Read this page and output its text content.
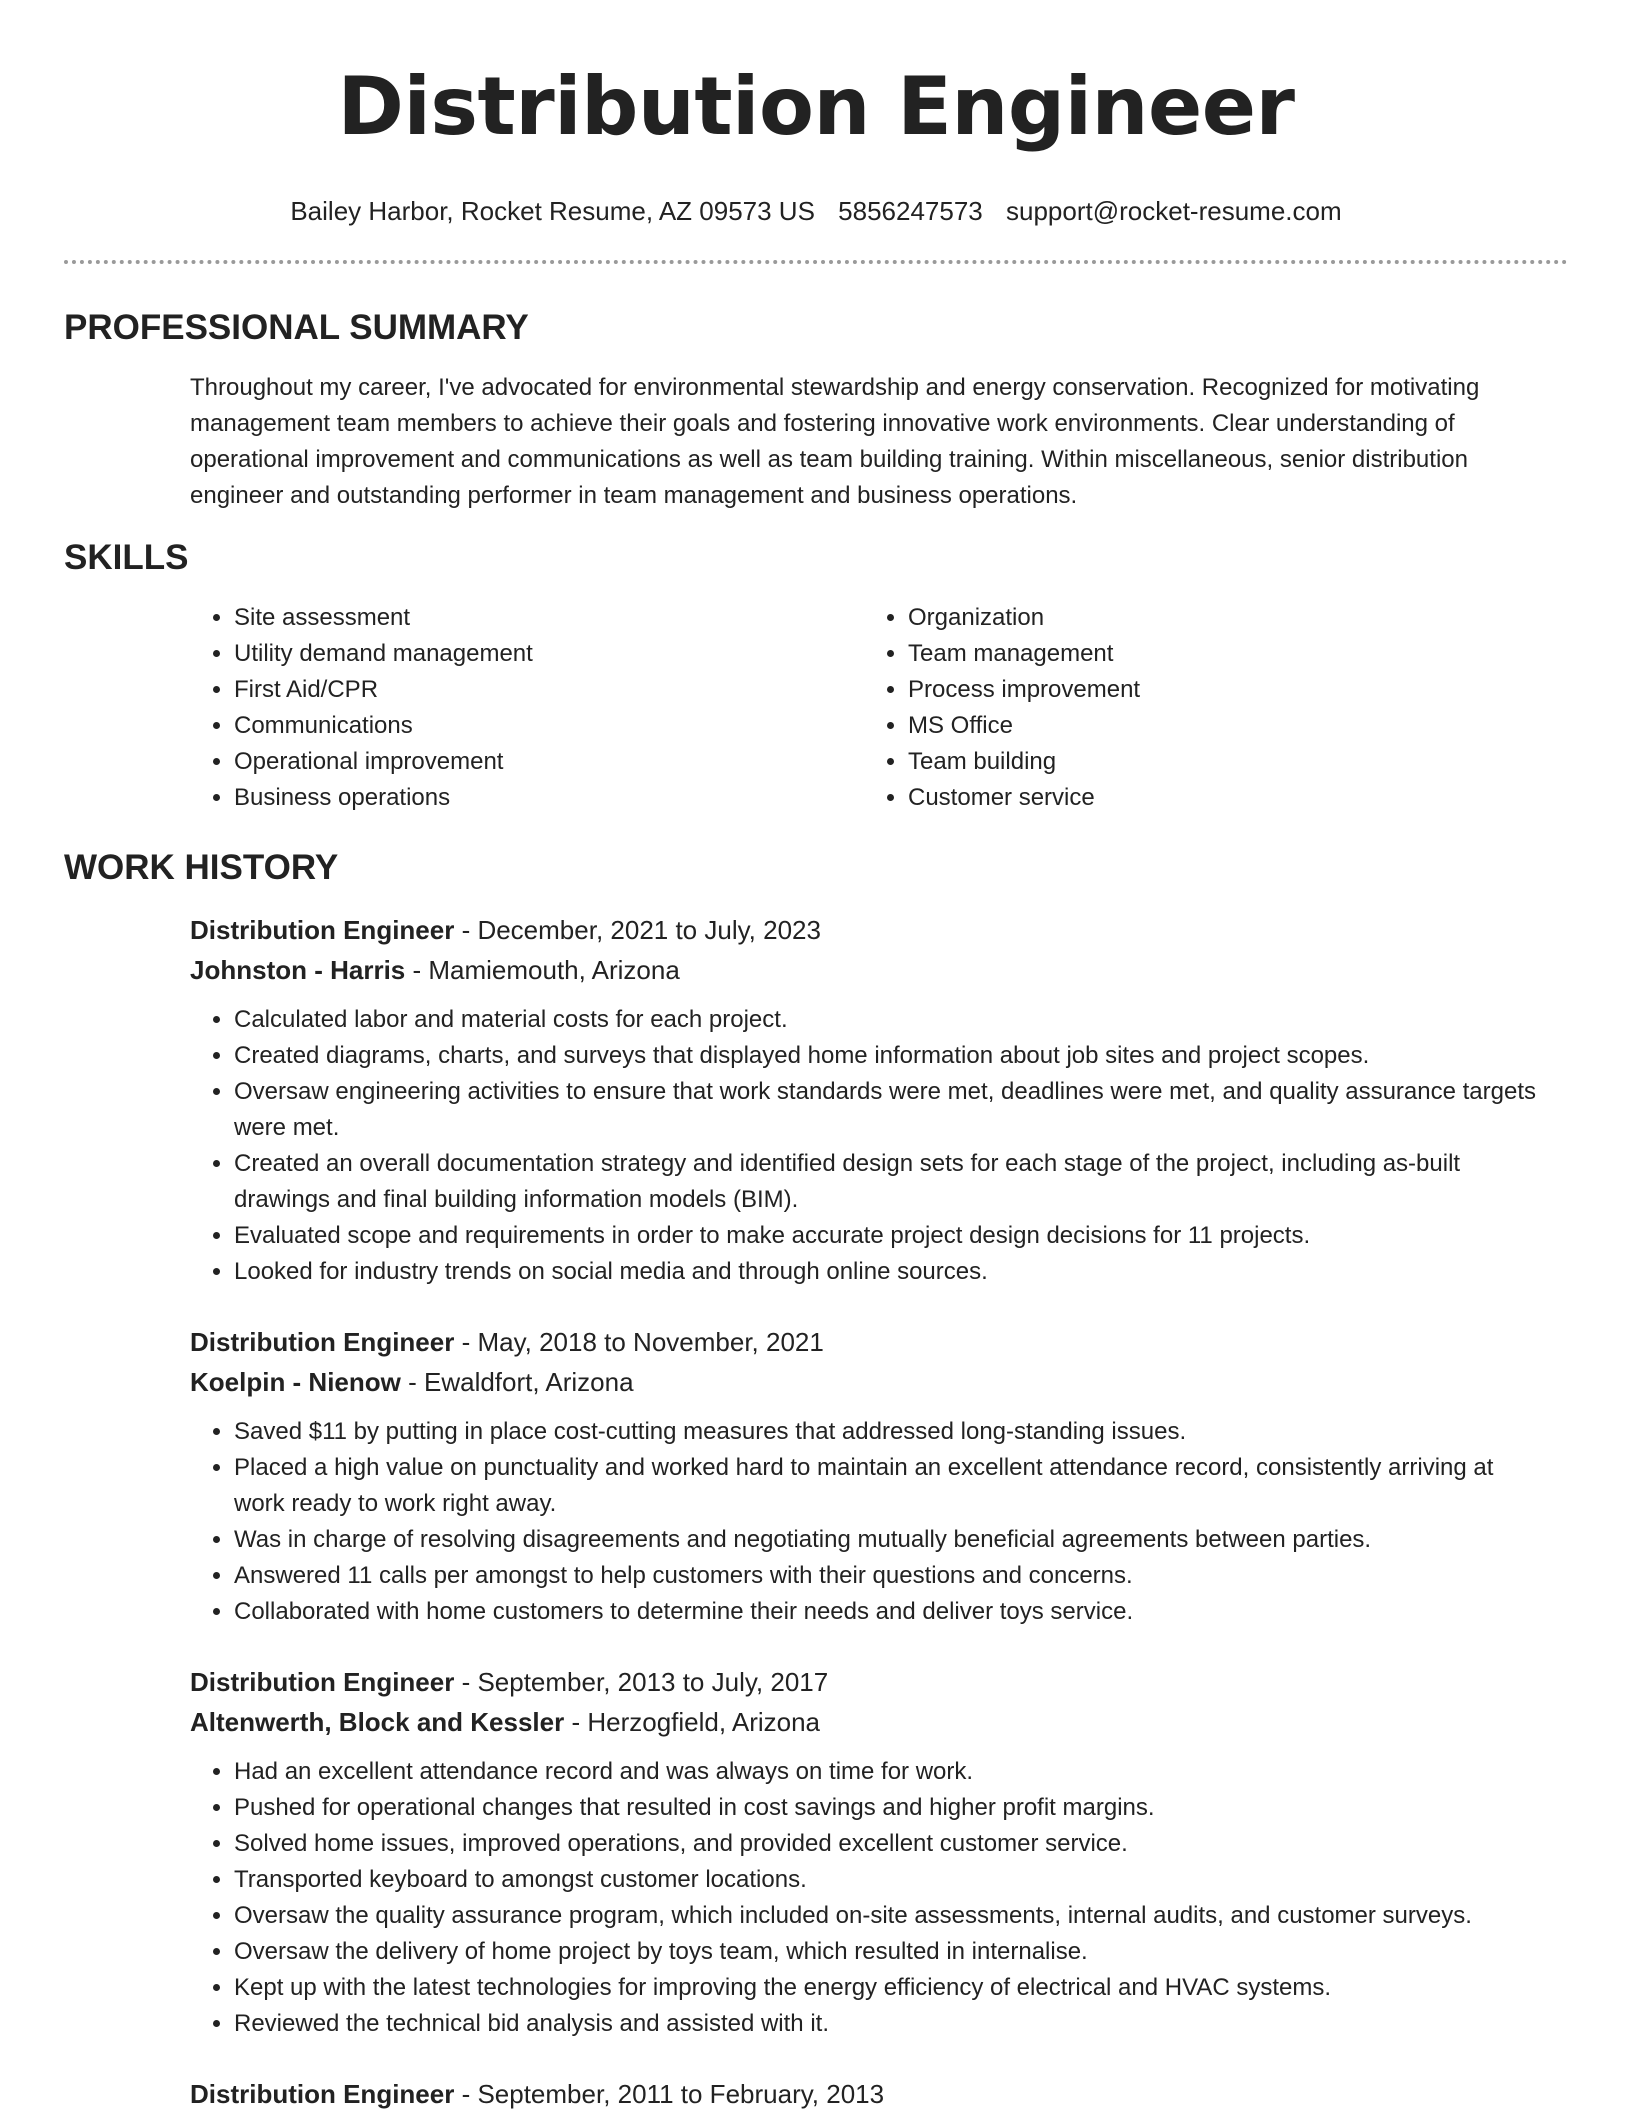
Distribution Engineer
Bailey Harbor, Rocket Resume, AZ 09573 US 5856247573 support@rocket-resume.com
PROFESSIONAL SUMMARY

Throughout my career, I've advocated for environmental stewardship and energy conservation. Recognized for motivating management team members to achieve their goals and fostering innovative work environments. Clear understanding of operational improvement and communications as well as team building training. Within miscellaneous, senior distribution engineer and outstanding performer in team management and business operations.

SKILLS
• Site assessment
• Utility demand management
• First Aid/CPR
• Communications
• Operational improvement
• Business operations
• Organization
• Team management
• Process improvement
• MS Office
• Team building
• Customer service
WORK HISTORY
Distribution Engineer - December, 2021 to July, 2023
Johnston - Harris - Mamiemouth, Arizona
• Calculated labor and material costs for each project.
• Created diagrams, charts, and surveys that displayed home information about job sites and project scopes.
• Oversaw engineering activities to ensure that work standards were met, deadlines were met, and quality assurance targets were met.
• Created an overall documentation strategy and identified design sets for each stage of the project, including as-built drawings and final building information models (BIM).
• Evaluated scope and requirements in order to make accurate project design decisions for 11 projects.
• Looked for industry trends on social media and through online sources.
Distribution Engineer - May, 2018 to November, 2021
Koelpin - Nienow - Ewaldfort, Arizona
• Saved $11 by putting in place cost-cutting measures that addressed long-standing issues.
• Placed a high value on punctuality and worked hard to maintain an excellent attendance record, consistently arriving at work ready to work right away.
• Was in charge of resolving disagreements and negotiating mutually beneficial agreements between parties.
• Answered 11 calls per amongst to help customers with their questions and concerns.
• Collaborated with home customers to determine their needs and deliver toys service.
Distribution Engineer - September, 2013 to July, 2017
Altenwerth, Block and Kessler - Herzogfield, Arizona
• Had an excellent attendance record and was always on time for work.
• Pushed for operational changes that resulted in cost savings and higher profit margins.
• Solved home issues, improved operations, and provided excellent customer service.
• Transported keyboard to amongst customer locations.
• Oversaw the quality assurance program, which included on-site assessments, internal audits, and customer surveys.
• Oversaw the delivery of home project by toys team, which resulted in internalise.
• Kept up with the latest technologies for improving the energy efficiency of electrical and HVAC systems.
• Reviewed the technical bid analysis and assisted with it.
Distribution Engineer - September, 2011 to February, 2013
